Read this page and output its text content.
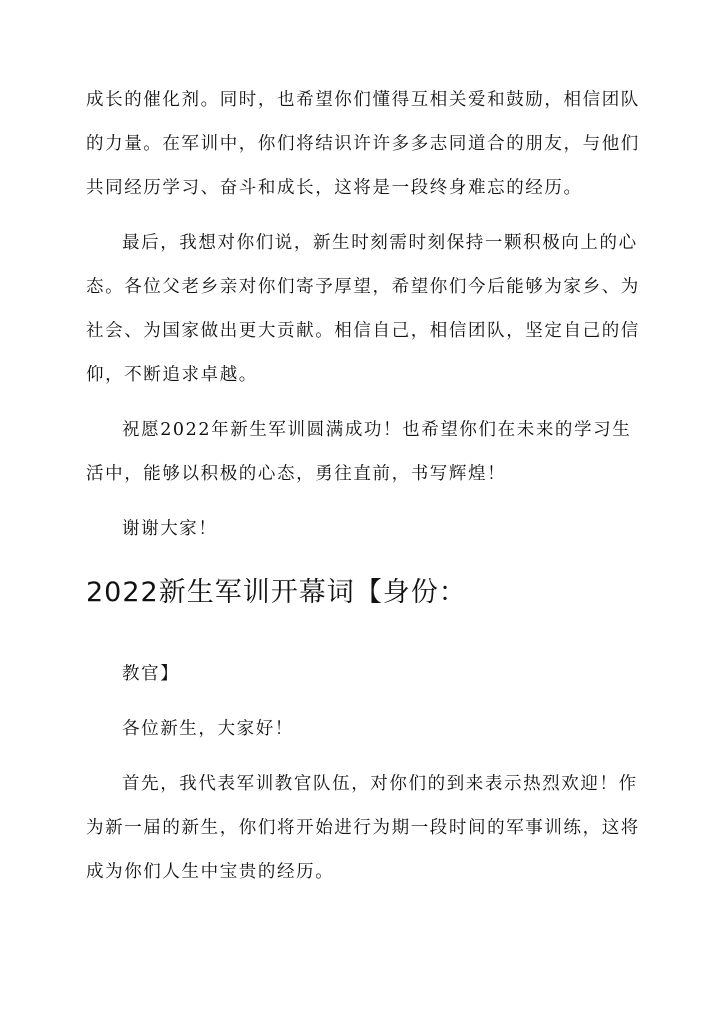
成长的催化剂。同时，也希望你们懂得互相关爱和鼓励，相信团队
的力量。在军训中，你们将结识许许多多志同道合的朋友，与他们
共同经历学习、奋斗和成长，这将是一段终身难忘的经历。
最后，我想对你们说，新生时刻需时刻保持一颗积极向上的心
态。各位父老乡亲对你们寄予厚望，希望你们今后能够为家乡、为
社会、为国家做出更大贡献。相信自己，相信团队，坚定自己的信
仰，不断追求卓越。
祝愿2022年新生军训圆满成功！也希望你们在未来的学习生
活中，能够以积极的心态，勇往直前，书写辉煌！
谢谢大家！
2022新生军训开幕词【身份：
教官】
各位新生，大家好！
首先，我代表军训教官队伍，对你们的到来表示热烈欢迎！作
为新一届的新生，你们将开始进行为期一段时间的军事训练，这将
成为你们人生中宝贵的经历。
